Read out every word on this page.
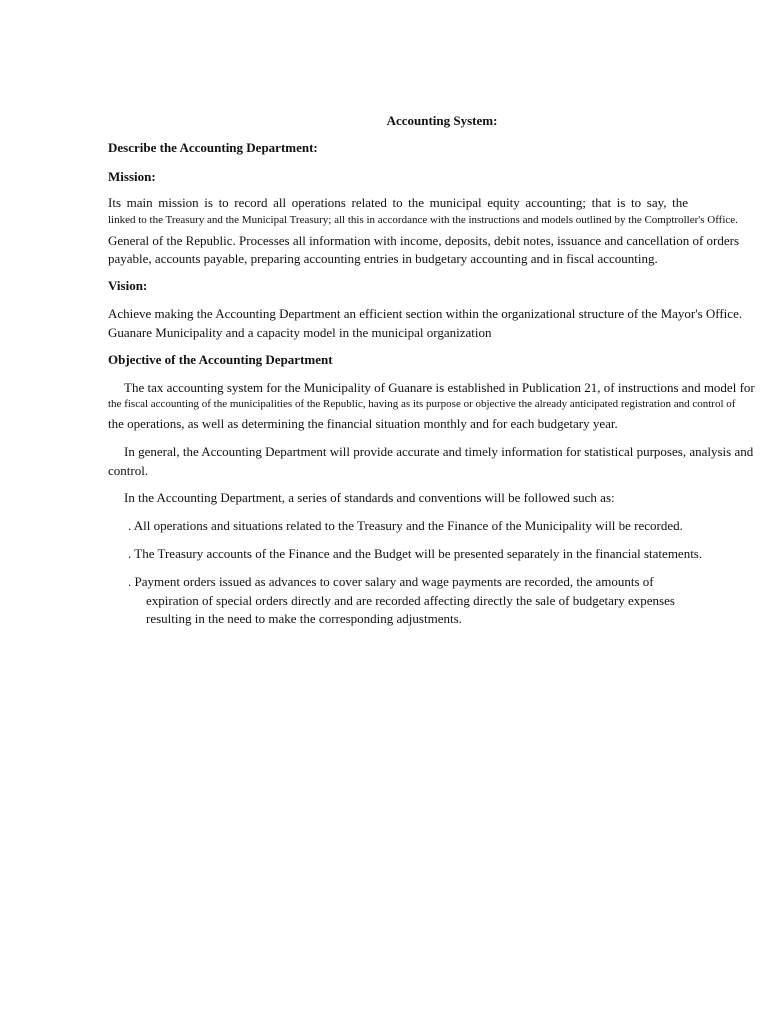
Accounting System:
Describe the Accounting Department:
Mission:
Its main mission is to record all operations related to the municipal equity accounting; that is to say, the
linked to the Treasury and the Municipal Treasury; all this in accordance with the instructions and models outlined by the Comptroller's Office.
General of the Republic. Processes all information with income, deposits, debit notes, issuance and cancellation of orders
payable, accounts payable, preparing accounting entries in budgetary accounting and in fiscal accounting.
Vision:
Achieve making the Accounting Department an efficient section within the organizational structure of the Mayor's Office.
Guanare Municipality and a capacity model in the municipal organization
Objective of the Accounting Department
The tax accounting system for the Municipality of Guanare is established in Publication 21, of instructions and model for
the fiscal accounting of the municipalities of the Republic, having as its purpose or objective the already anticipated registration and control of
the operations, as well as determining the financial situation monthly and for each budgetary year.
In general, the Accounting Department will provide accurate and timely information for statistical purposes, analysis and
control.
In the Accounting Department, a series of standards and conventions will be followed such as:
. All operations and situations related to the Treasury and the Finance of the Municipality will be recorded.
. The Treasury accounts of the Finance and the Budget will be presented separately in the financial statements.
. Payment orders issued as advances to cover salary and wage payments are recorded, the amounts of
expiration of special orders directly and are recorded affecting directly the sale of budgetary expenses
resulting in the need to make the corresponding adjustments.
